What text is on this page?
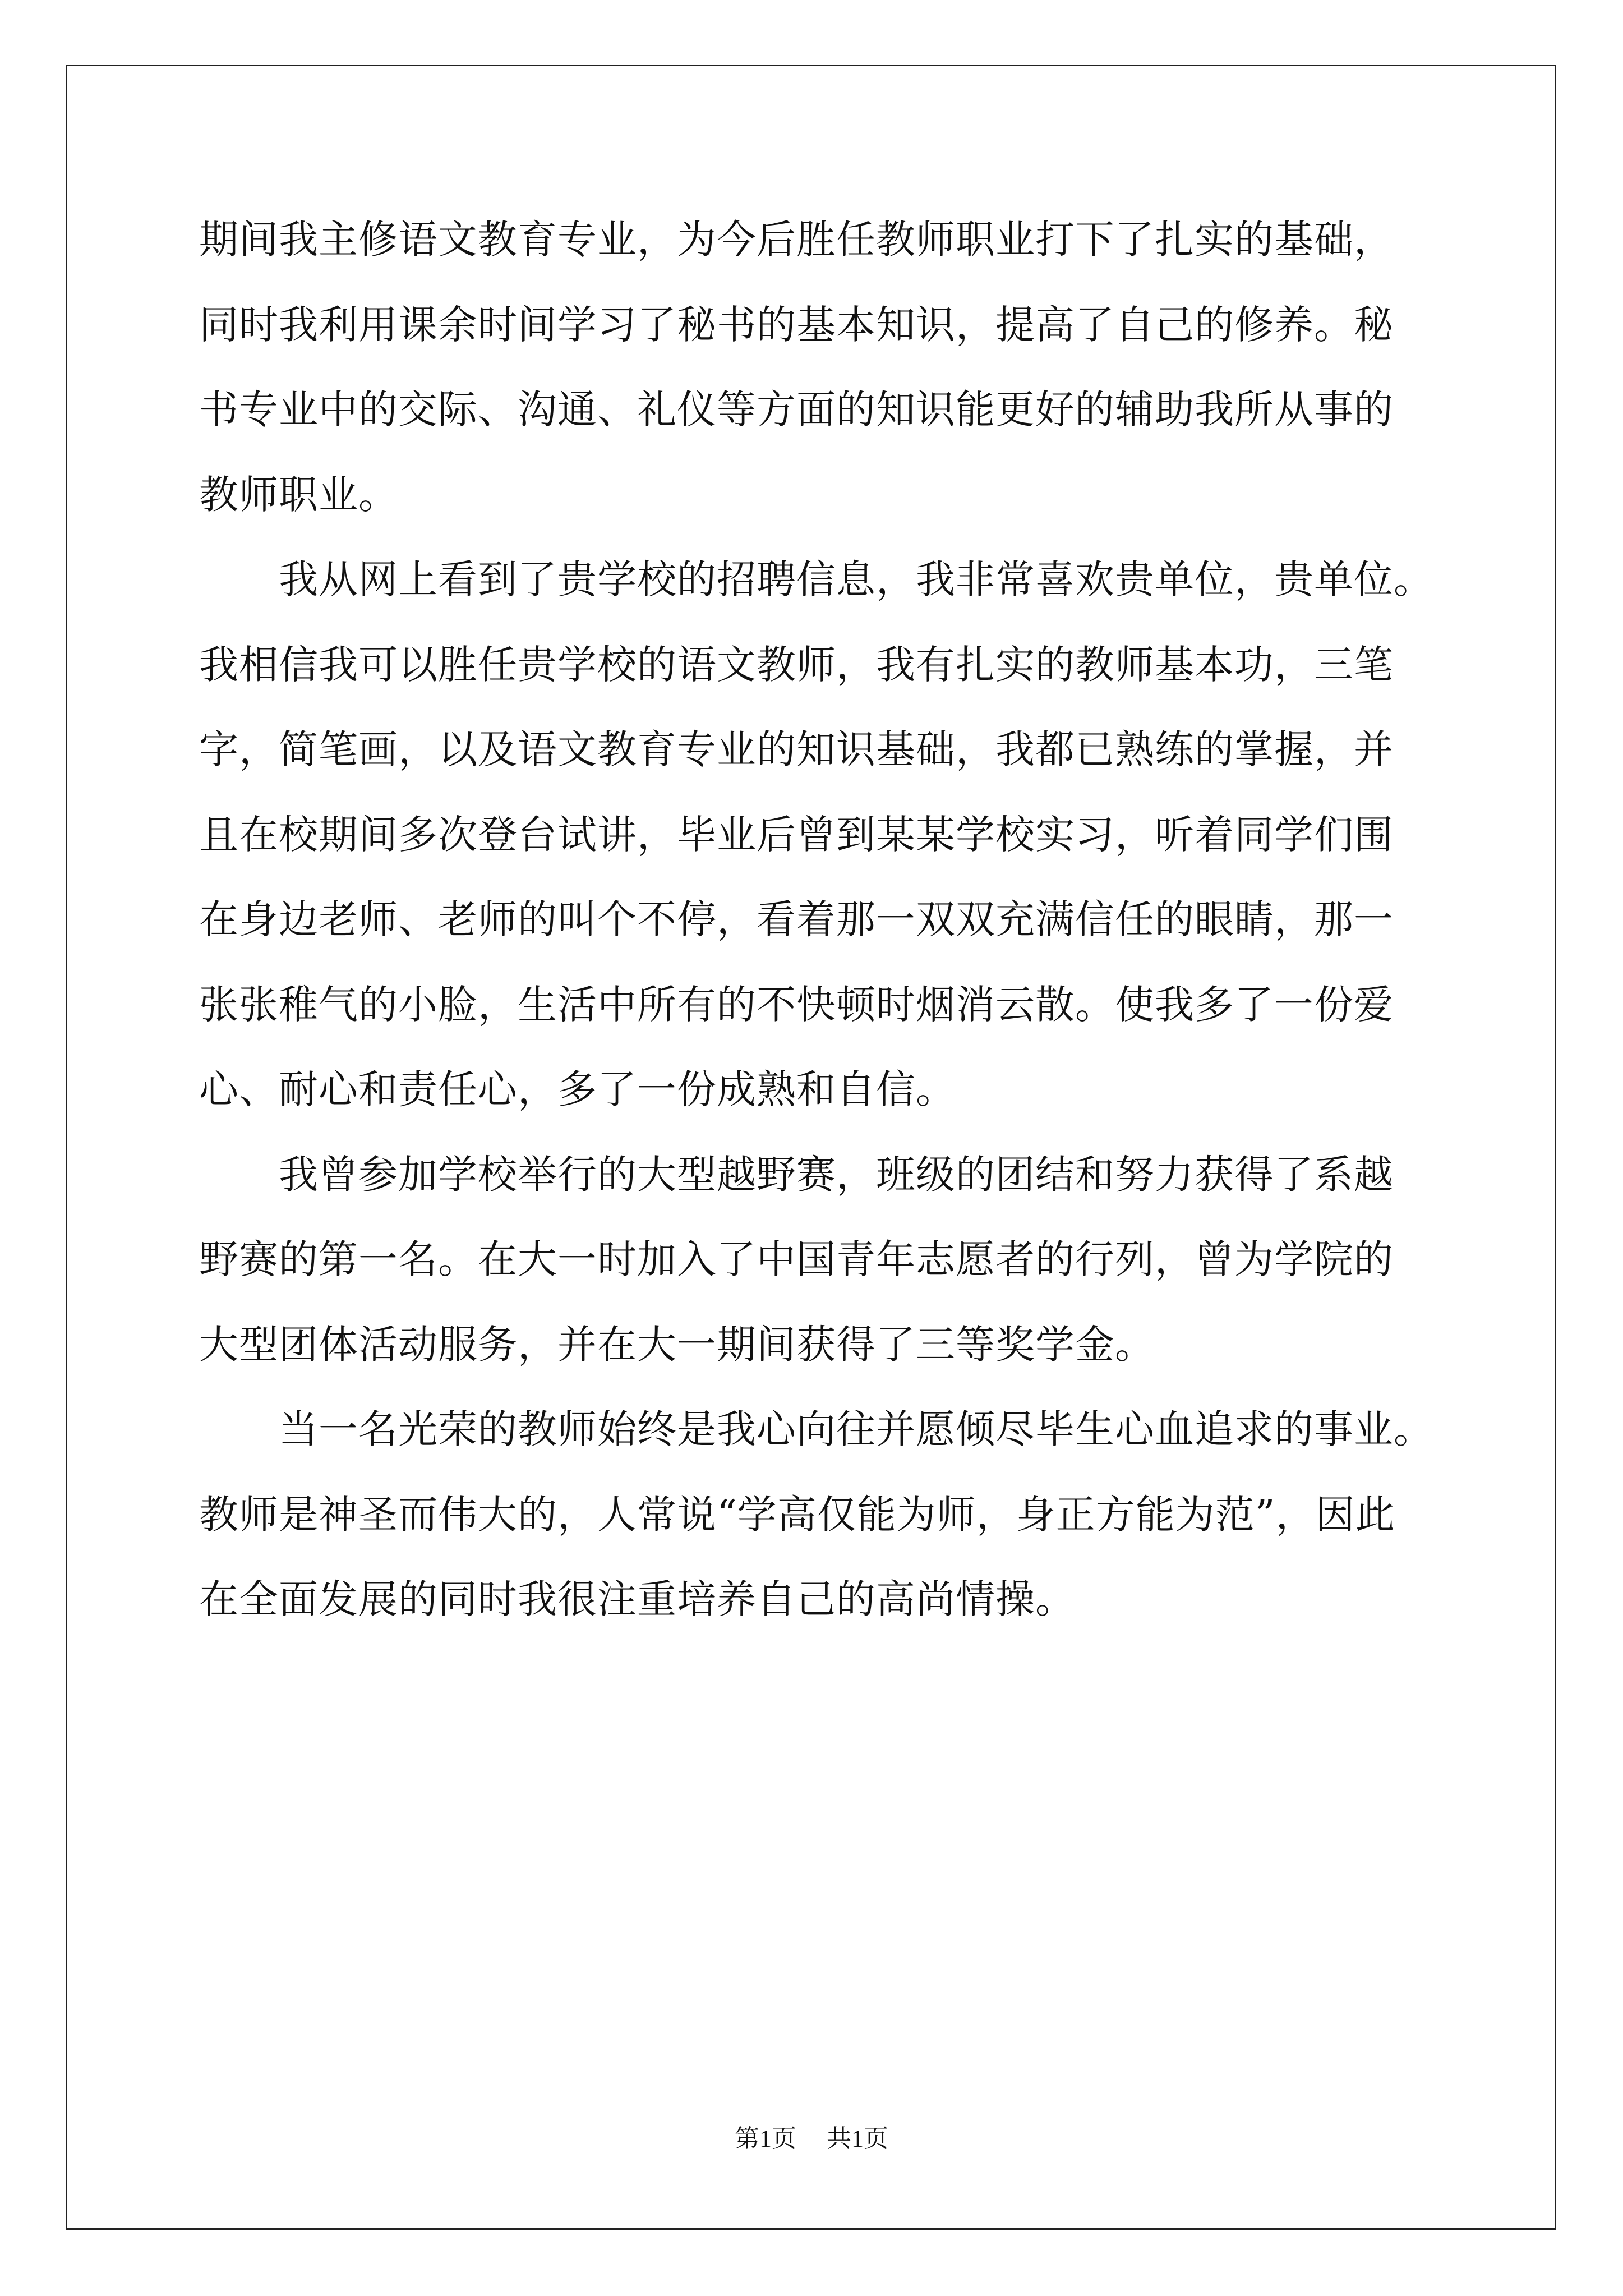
期间我主修语文教育专业，为今后胜任教师职业打下了扎实的基础，
同时我利用课余时间学习了秘书的基本知识，提高了自己的修养。秘
书专业中的交际、沟通、礼仪等方面的知识能更好的辅助我所从事的
教师职业。
我从网上看到了贵学校的招聘信息，我非常喜欢贵单位，贵单位。
我相信我可以胜任贵学校的语文教师，我有扎实的教师基本功，三笔
字，简笔画，以及语文教育专业的知识基础，我都已熟练的掌握，并
且在校期间多次登台试讲，毕业后曾到某某学校实习，听着同学们围
在身边老师、老师的叫个不停，看着那一双双充满信任的眼睛，那一
张张稚气的小脸，生活中所有的不快顿时烟消云散。使我多了一份爱
心、耐心和责任心，多了一份成熟和自信。
我曾参加学校举行的大型越野赛，班级的团结和努力获得了系越
野赛的第一名。在大一时加入了中国青年志愿者的行列，曾为学院的
大型团体活动服务，并在大一期间获得了三等奖学金。
当一名光荣的教师始终是我心向往并愿倾尽毕生心血追求的事业。
教师是神圣而伟大的，人常说“学高仅能为师，身正方能为范”，因此
在全面发展的同时我很注重培养自己的高尚情操。
第1页 共1页
